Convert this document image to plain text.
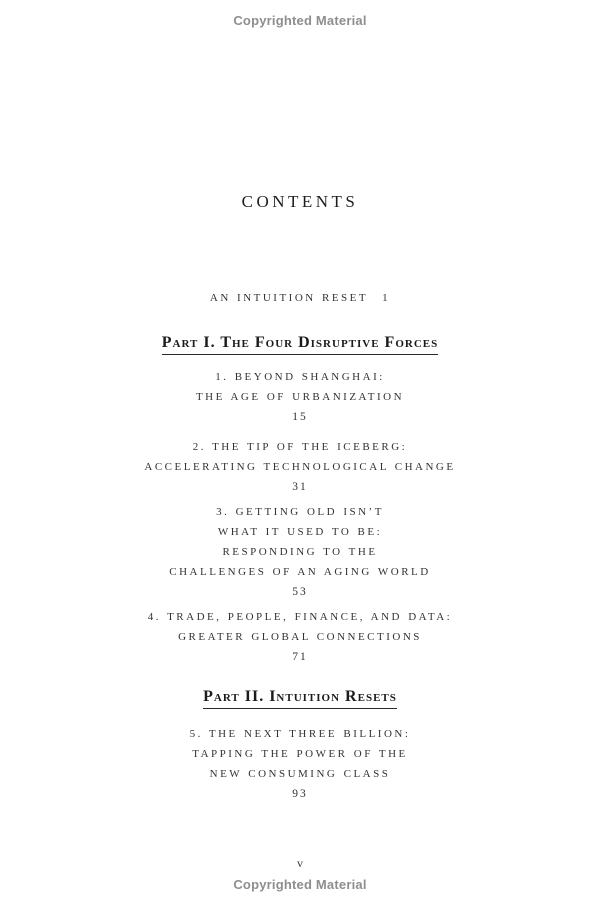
Copyrighted Material
CONTENTS
AN INTUITION RESET 1
Part I. The Four Disruptive Forces
1. BEYOND SHANGHAI:
THE AGE OF URBANIZATION
15
2. THE TIP OF THE ICEBERG:
ACCELERATING TECHNOLOGICAL CHANGE
31
3. GETTING OLD ISN’T
WHAT IT USED TO BE:
RESPONDING TO THE
CHALLENGES OF AN AGING WORLD
53
4. TRADE, PEOPLE, FINANCE, AND DATA:
GREATER GLOBAL CONNECTIONS
71
Part II. Intuition Resets
5. THE NEXT THREE BILLION:
TAPPING THE POWER OF THE
NEW CONSUMING CLASS
93
v
Copyrighted Material
